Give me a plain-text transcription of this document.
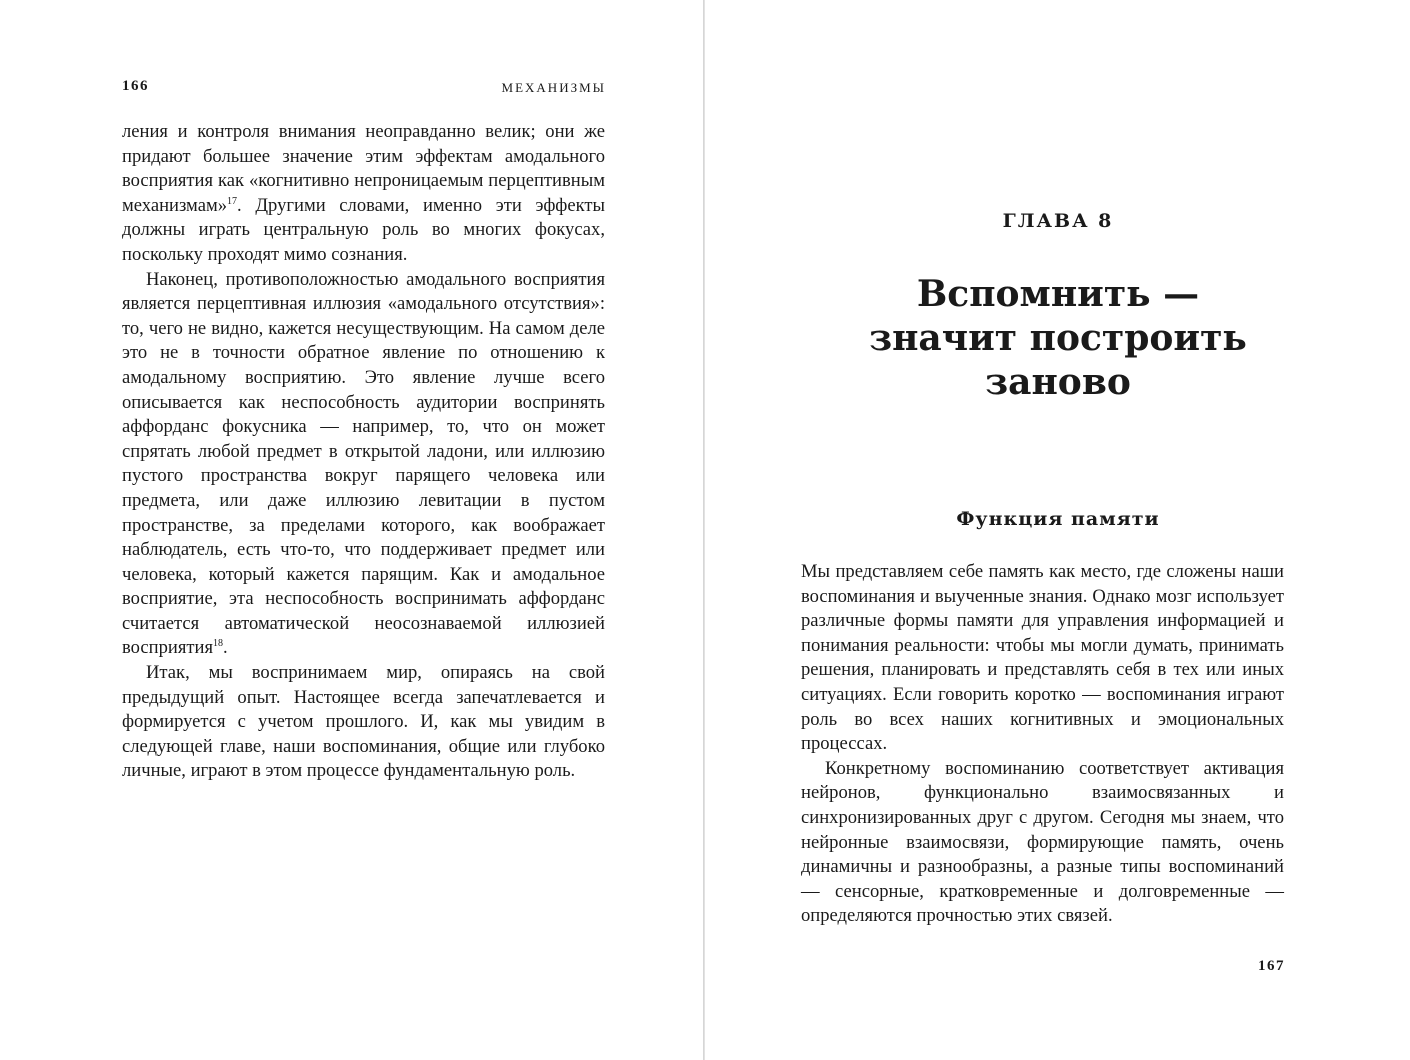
166	МЕХАНИЗМЫ

ления и контроля внимания неоправданно велик; они же придают большее значение этим эффектам амодального восприятия как «когнитивно непроницаемым перцептивным механизмам»$^{17}$. Другими словами, именно эти эффекты должны играть центральную роль во многих фокусах, поскольку проходят мимо сознания.

Наконец, противоположностью амодального восприятия является перцептивная иллюзия «амодального отсутствия»: то, чего не видно, кажется несуществующим. На самом деле это не в точности обратное явление по отношению к амодальному восприятию. Это явление лучше всего описывается как неспособность аудитории воспринять аффорданс фокусника — например, то, что он может спрятать любой предмет в открытой ладони, или иллюзию пустого пространства вокруг парящего человека или предмета, или даже иллюзию левитации в пустом пространстве, за пределами которого, как воображает наблюдатель, есть что-то, что поддерживает предмет или человека, который кажется парящим. Как и амодальное восприятие, эта неспособность воспринимать аффорданс считается автоматической неосознаваемой иллюзией восприятия$^{18}$.

Итак, мы воспринимаем мир, опираясь на свой предыдущий опыт. Настоящее всегда запечатлевается и формируется с учетом прошлого. И, как мы увидим в следующей главе, наши воспоминания, общие или глубоко личные, играют в этом процессе фундаментальную роль.

ГЛАВА 8
Вспомнить —
значит построить
заново
Функция памяти

Мы представляем себе память как место, где сложены наши воспоминания и выученные знания. Однако мозг использует различные формы памяти для управления информацией и понимания реальности: чтобы мы могли думать, принимать решения, планировать и представлять себя в тех или иных ситуациях. Если говорить коротко — воспоминания играют роль во всех наших когнитивных и эмоциональных процессах.

Конкретному воспоминанию соответствует активация нейронов, функционально взаимосвязанных и синхронизированных друг с другом. Сегодня мы знаем, что нейронные взаимосвязи, формирующие память, очень динамичны и разнообразны, а разные типы воспоминаний — сенсорные, кратковременные и долговременные — определяются прочностью этих связей.

167
